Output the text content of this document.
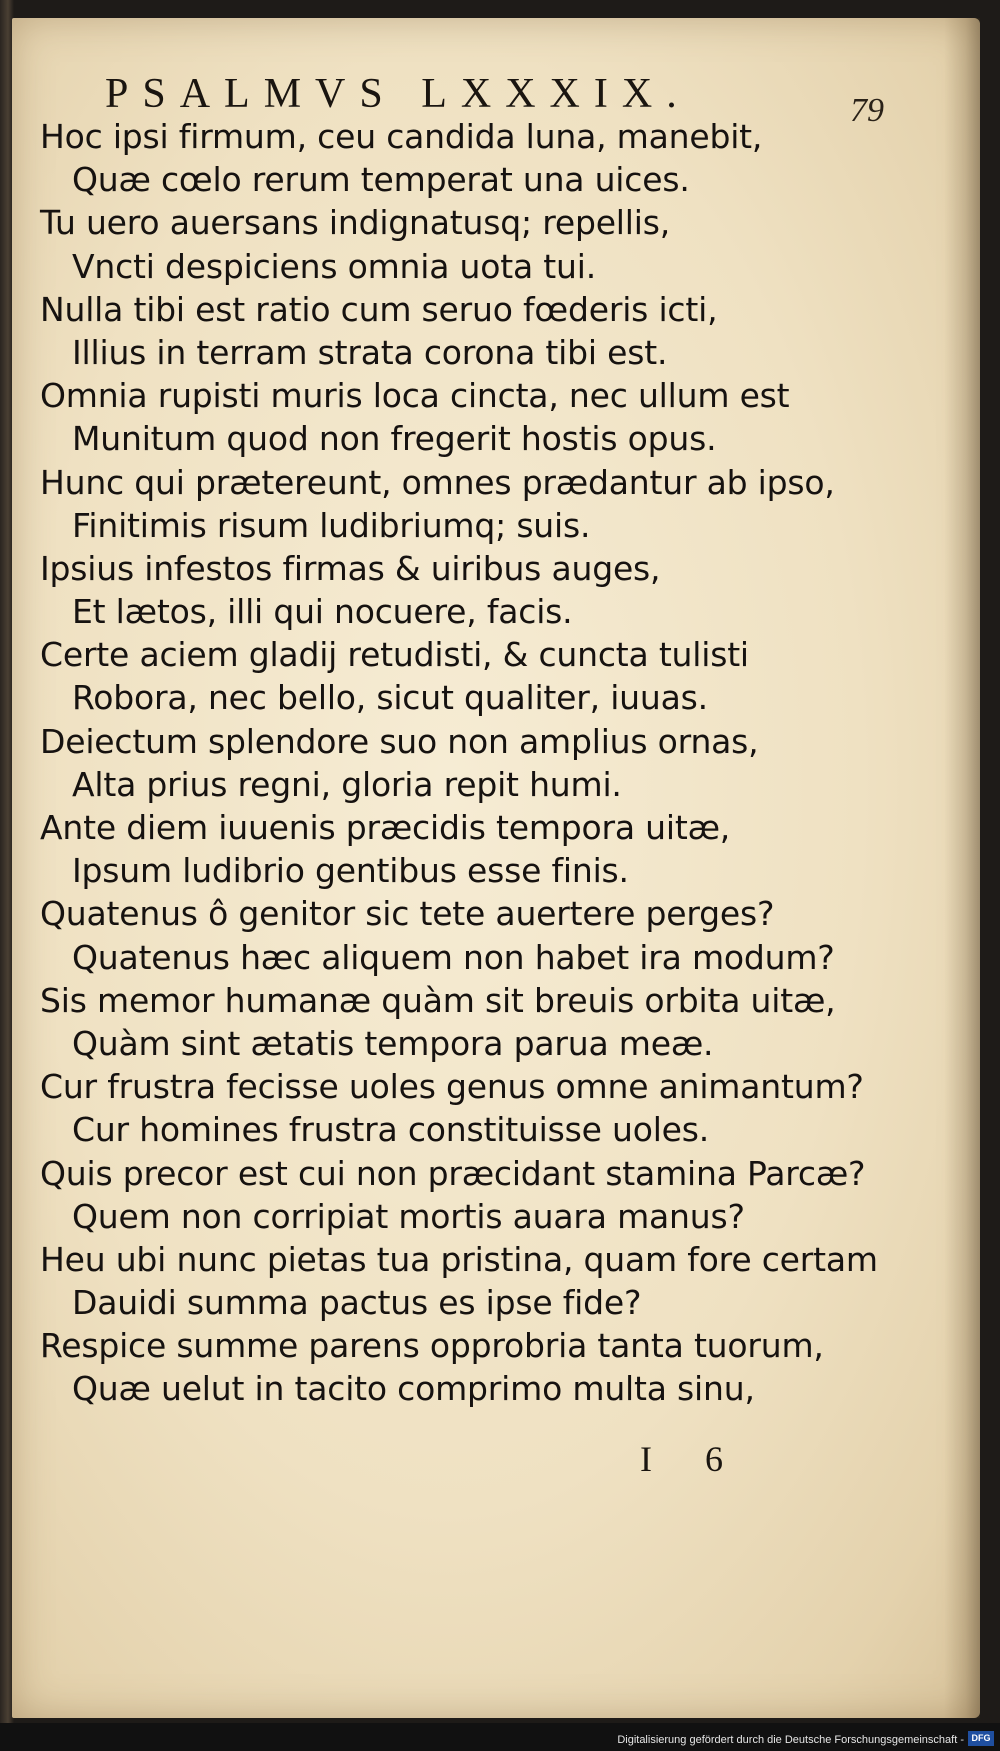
PSALMVS LXXXIX.	79
Hoc ipsi firmum, ceu candida luna, manebit,
Quæ cœlo rerum temperat una uices.
Tu uero auersans indignatusq; repellis,
Vncti despiciens omnia uota tui.
Nulla tibi est ratio cum seruo fœderis icti,
Illius in terram strata corona tibi est.
Omnia rupisti muris loca cincta, nec ullum est
Munitum quod non fregerit hostis opus.
Hunc qui prætereunt, omnes prædantur ab ipso,
Finitimis risum ludibriumq; suis.
Ipsius infestos firmas & uiribus auges,
Et lætos, illi qui nocuere, facis.
Certe aciem gladij retudisti, & cuncta tulisti
Robora, nec bello, sicut qualiter, iuuas.
Deiectum splendore suo non amplius ornas,
Alta prius regni, gloria repit humi.
Ante diem iuuenis præcidis tempora uitæ,
Ipsum ludibrio gentibus esse finis.
Quatenus ô genitor sic tete auertere perges?
Quatenus hæc aliquem non habet ira modum?
Sis memor humanæ quàm sit breuis orbita uitæ,
Quàm sint ætatis tempora parua meæ.
Cur frustra fecisse uoles genus omne animantum?
Cur homines frustra constituisse uoles.
Quis precor est cui non præcidant stamina Parcæ?
Quem non corripiat mortis auara manus?
Heu ubi nunc pietas tua pristina, quam fore certam
Dauidi summa pactus es ipse fide?
Respice summe parens opprobria tanta tuorum,
Quæ uelut in tacito comprimo multa sinu,
I 6
Digitalisierung gefördert durch die Deutsche Forschungsgemeinschaft - DFG
